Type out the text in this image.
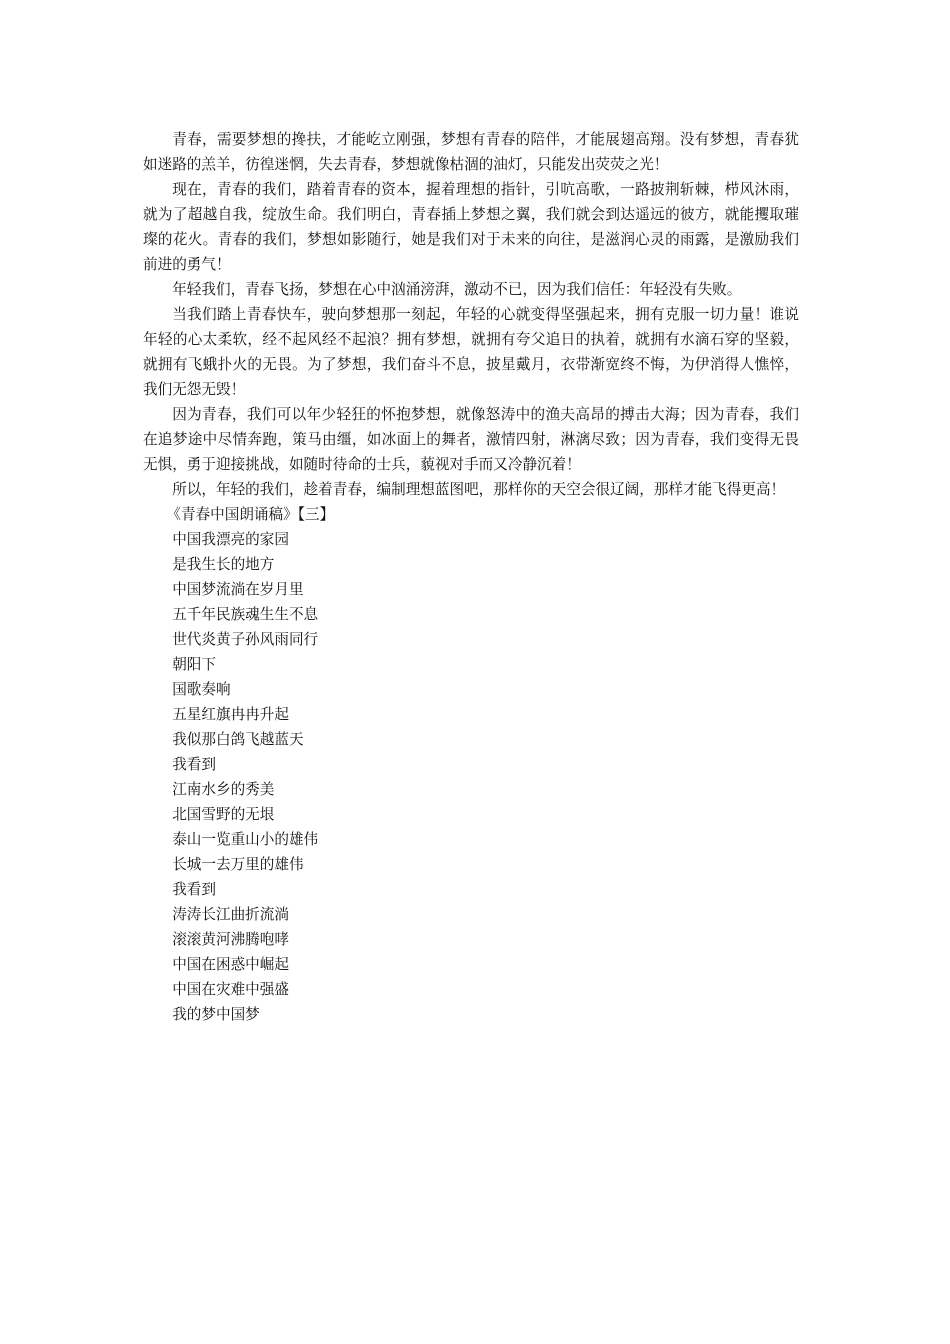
青春，需要梦想的搀扶，才能屹立刚强，梦想有青春的陪伴，才能展翅高翔。没有梦想，青春犹如迷路的羔羊，彷徨迷惘，失去青春，梦想就像枯涸的油灯，只能发出荧荧之光！

现在，青春的我们，踏着青春的资本，握着理想的指针，引吭高歌，一路披荆斩棘，栉风沐雨，就为了超越自我，绽放生命。我们明白，青春插上梦想之翼，我们就会到达遥远的彼方，就能攫取璀璨的花火。青春的我们，梦想如影随行，她是我们对于未来的向往，是滋润心灵的雨露，是激励我们前进的勇气！

年轻我们，青春飞扬，梦想在心中汹涌滂湃，激动不已，因为我们信任：年轻没有失败。

当我们踏上青春快车，驶向梦想那一刻起，年轻的心就变得坚强起来，拥有克服一切力量！谁说年轻的心太柔软，经不起风经不起浪？拥有梦想，就拥有夸父追日的执着，就拥有水滴石穿的坚毅，就拥有飞蛾扑火的无畏。为了梦想，我们奋斗不息，披星戴月，衣带渐宽终不悔，为伊消得人憔悴，我们无怨无毁！

因为青春，我们可以年少轻狂的怀抱梦想，就像怒涛中的渔夫高昂的搏击大海；因为青春，我们在追梦途中尽情奔跑，策马由缰，如冰面上的舞者，激情四射，淋漓尽致；因为青春，我们变得无畏无惧，勇于迎接挑战，如随时待命的士兵，藐视对手而又冷静沉着！

所以，年轻的我们，趁着青春，编制理想蓝图吧，那样你的天空会很辽阔，那样才能飞得更高！

《青春中国朗诵稿》【三】

中国我漂亮的家园

是我生长的地方

中国梦流淌在岁月里

五千年民族魂生生不息

世代炎黄子孙风雨同行

朝阳下

国歌奏响

五星红旗冉冉升起

我似那白鸽飞越蓝天

我看到

江南水乡的秀美

北国雪野的无垠

泰山一览重山小的雄伟

长城一去万里的雄伟

我看到

涛涛长江曲折流淌

滚滚黄河沸腾咆哮

中国在困惑中崛起

中国在灾难中强盛

我的梦中国梦
